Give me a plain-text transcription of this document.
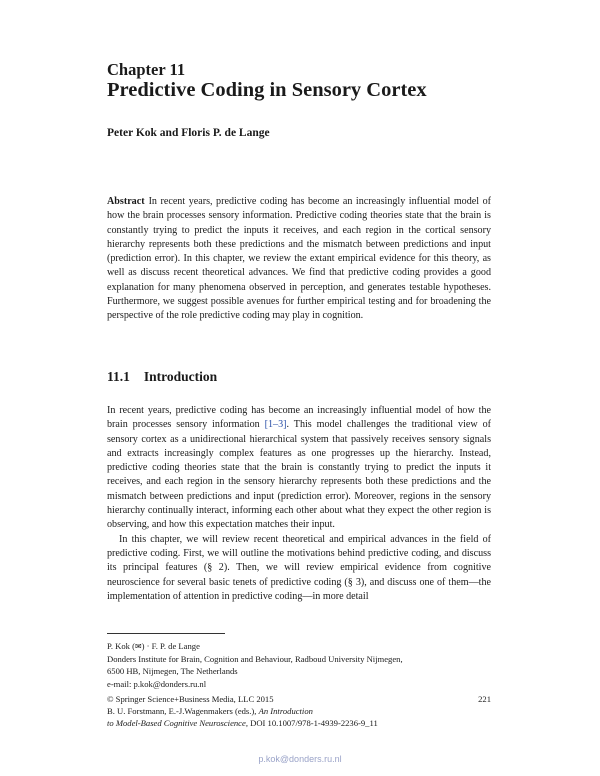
Chapter 11
Predictive Coding in Sensory Cortex
Peter Kok and Floris P. de Lange

Abstract In recent years, predictive coding has become an increasingly influential model of how the brain processes sensory information. Predictive coding theories state that the brain is constantly trying to predict the inputs it receives, and each region in the cortical sensory hierarchy represents both these predictions and the mismatch between predictions and input (prediction error). In this chapter, we review the extant empirical evidence for this theory, as well as discuss recent theoretical advances. We find that predictive coding provides a good explanation for many phenomena observed in perception, and generates testable hypotheses. Furthermore, we suggest possible avenues for further empirical testing and for broadening the perspective of the role predictive coding may play in cognition.

11.1 Introduction

In recent years, predictive coding has become an increasingly influential model of how the brain processes sensory information [1–3]. This model challenges the traditional view of sensory cortex as a unidirectional hierarchical system that passively receives sensory signals and extracts increasingly complex features as one progresses up the hierarchy. Instead, predictive coding theories state that the brain is constantly trying to predict the inputs it receives, and each region in the sensory hierarchy represents both these predictions and the mismatch between predictions and input (prediction error). Moreover, regions in the sensory hierarchy continually interact, informing each other about what they expect the other region is observing, and how this expectation matches their input.

In this chapter, we will review recent theoretical and empirical advances in the field of predictive coding. First, we will outline the motivations behind predictive coding, and discuss its principal features (§ 2). Then, we will review empirical evidence from cognitive neuroscience for several basic tenets of predictive coding (§ 3), and discuss one of them—the implementation of attention in predictive coding—in more detail

P. Kok (✉) · F. P. de Lange
Donders Institute for Brain, Cognition and Behaviour, Radboud University Nijmegen,
6500 HB, Nijmegen, The Netherlands
e-mail: p.kok@donders.ru.nl
© Springer Science+Business Media, LLC 2015
B. U. Forstmann, E.-J.Wagenmakers (eds.), An Introduction
to Model-Based Cognitive Neuroscience, DOI 10.1007/978-1-4939-2236-9_11
221
p.kok@donders.ru.nl
